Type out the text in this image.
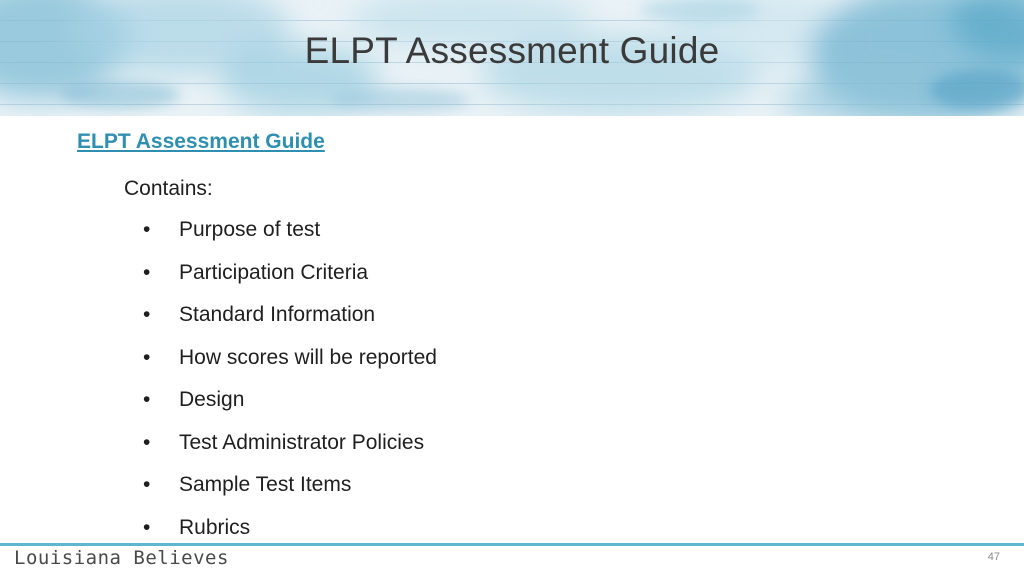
ELPT Assessment Guide
ELPT Assessment Guide
Contains:
• Purpose of test
• Participation Criteria
• Standard Information
• How scores will be reported
• Design
• Test Administrator Policies
• Sample Test Items
• Rubrics
Louisiana Believes	47
